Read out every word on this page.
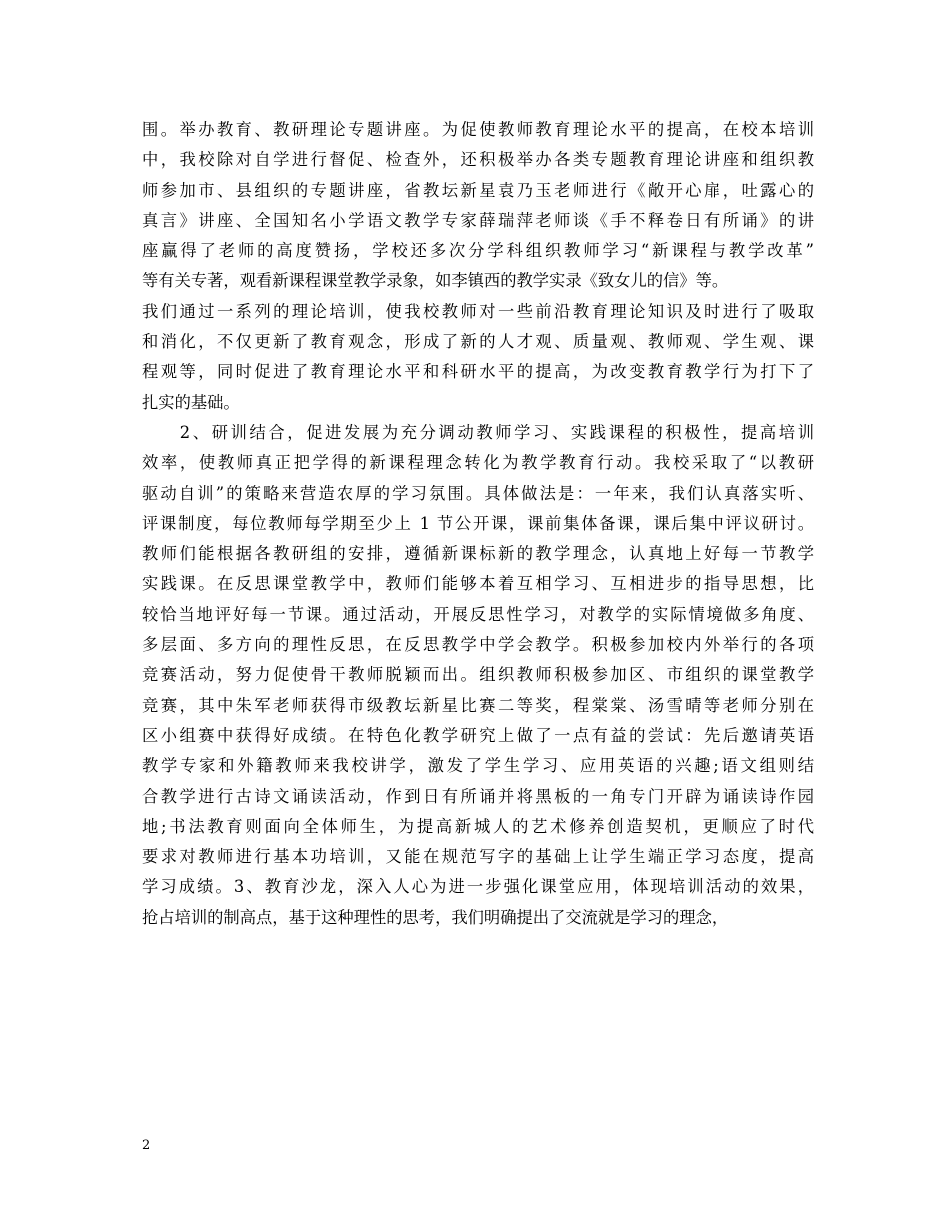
围。举办教育、教研理论专题讲座。为促使教师教育理论水平的提高，在校本培训
中，我校除对自学进行督促、检查外，还积极举办各类专题教育理论讲座和组织教
师参加市、县组织的专题讲座，省教坛新星袁乃玉老师进行《敞开心扉，吐露心的
真言》讲座、全国知名小学语文教学专家薛瑞萍老师谈《手不释卷日有所诵》的讲
座赢得了老师的高度赞扬，学校还多次分学科组织教师学习“新课程与教学改革”
等有关专著，观看新课程课堂教学录象，如李镇西的教学实录《致女儿的信》等。
我们通过一系列的理论培训，使我校教师对一些前沿教育理论知识及时进行了吸取
和消化，不仅更新了教育观念，形成了新的人才观、质量观、教师观、学生观、课
程观等，同时促进了教育理论水平和科研水平的提高，为改变教育教学行为打下了
扎实的基础。
　　2、研训结合，促进发展为充分调动教师学习、实践课程的积极性，提高培训
效率，使教师真正把学得的新课程理念转化为教学教育行动。我校采取了“以教研
驱动自训”的策略来营造农厚的学习氛围。具体做法是：一年来，我们认真落实听、
评课制度，每位教师每学期至少上 1 节公开课，课前集体备课，课后集中评议研讨。
教师们能根据各教研组的安排，遵循新课标新的教学理念，认真地上好每一节教学
实践课。在反思课堂教学中，教师们能够本着互相学习、互相进步的指导思想，比
较恰当地评好每一节课。通过活动，开展反思性学习，对教学的实际情境做多角度、
多层面、多方向的理性反思，在反思教学中学会教学。积极参加校内外举行的各项
竞赛活动，努力促使骨干教师脱颖而出。组织教师积极参加区、市组织的课堂教学
竞赛，其中朱军老师获得市级教坛新星比赛二等奖，程棠棠、汤雪晴等老师分别在
区小组赛中获得好成绩。在特色化教学研究上做了一点有益的尝试：先后邀请英语
教学专家和外籍教师来我校讲学，激发了学生学习、应用英语的兴趣;语文组则结
合教学进行古诗文诵读活动，作到日有所诵并将黑板的一角专门开辟为诵读诗作园
地;书法教育则面向全体师生，为提高新城人的艺术修养创造契机，更顺应了时代
要求对教师进行基本功培训，又能在规范写字的基础上让学生端正学习态度，提高
学习成绩。3、教育沙龙，深入人心为进一步强化课堂应用，体现培训活动的效果，
抢占培训的制高点，基于这种理性的思考，我们明确提出了交流就是学习的理念，
2
